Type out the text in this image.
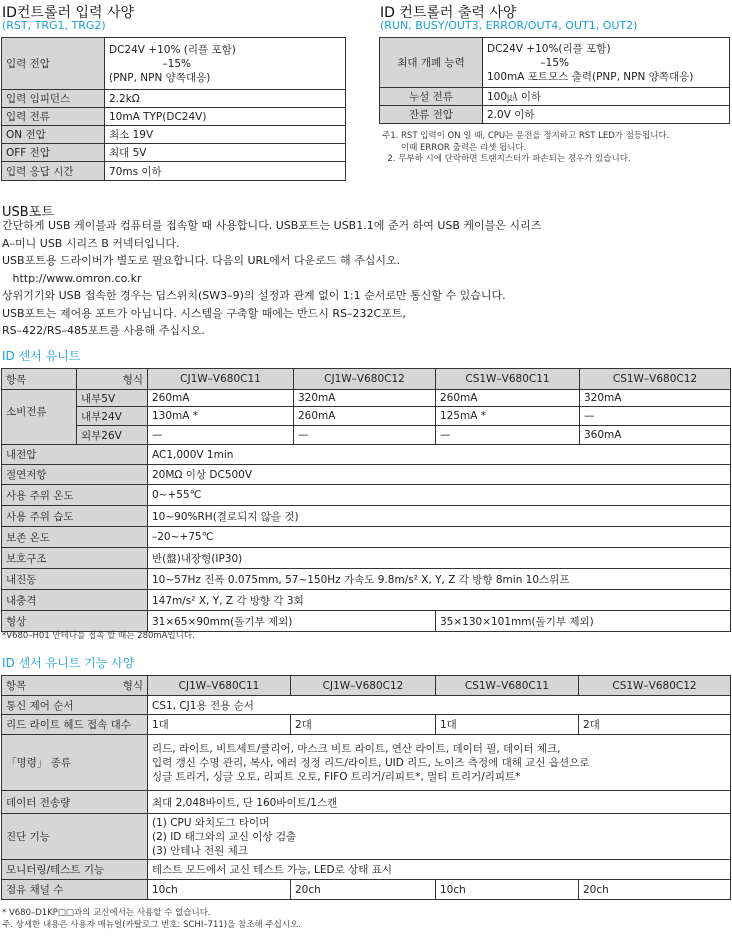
ID컨트롤러 입력 사양
(RST, TRG1, TRG2)
입력 전압	DC24V +10% (리플 포함)
–15%
(PNP, NPN 양쪽대응)

입력 임피던스	2.2kΩ
입력 전류	10mA TYP(DC24V)
ON 전압	최소 19V
OFF 전압	최대 5V
입력 응답 시간	70ms 이하
ID 컨트롤러 출력 사양
(RUN, BUSY/OUT3, ERROR/OUT4, OUT1, OUT2)
최대 개폐 능력	DC24V +10%(리플 포함)
–15%
100mA 포트모스 출력(PNP, NPN 양쪽대응)

누설 전류	100㎂ 이하
잔류 전압	2.0V 이하
주1. RST 입력이 ON 일 때, CPU는 운전을 정지하고 RST LED가 점등됩니다.
이때 ERROR 출력은 리셋 됩니다.
2. 무부하 시에 단락하면 트랜지스터가 파손되는 경우가 있습니다.
USB포트
간단하게 USB 케이블과 컴퓨터를 접속할 때 사용합니다. USB포트는 USB1.1에 준거 하여 USB 케이블은 시리즈
A–미니 USB 시리즈 B 커넥터입니다.
USB포트용 드라이버가 별도로 필요합니다. 다음의 URL에서 다운로드 해 주십시오.
http://www.omron.co.kr
상위기기와 USB 접속한 경우는 딥스위치(SW3–9)의 설정과 관계 없이 1:1 순서로만 통신할 수 있습니다.
USB포트는 제어용 포트가 아닙니다. 시스템을 구축할 때에는 반드시 RS–232C포트,
RS–422/RS–485포트를 사용해 주십시오.
ID 센서 유니트
항목	형식	CJ1W–V680C11	CJ1W–V680C12	CS1W–V680C11	CS1W–V680C12
소비전류	내부5V	260mA	320mA	260mA	320mA
	내부24V	130mA *	260mA	125mA *	—
	외부26V	—	—	—	360mA
내전압		AC1,000V 1min			
절연저항		20MΩ 이상 DC500V			
사용 주위 온도		0~+55℃			
사용 주위 습도		10~90%RH(결로되지 않을 것)			
보존 온도		–20~+75℃			
보호구조		반(盤)내장형(IP30)			
내진동		10~57Hz 진폭 0.075mm, 57~150Hz 가속도 9.8m/s² X, Y, Z 각 방향 8min 10스위프			
내충격		147m/s² X, Y, Z 각 방향 각 3회			
형상		31×65×90mm(돌기부 제외)		35×130×101mm(돌기부 제외)	
*V680–H01 안테나를 접속 할 때는 280mA입니다.
ID 센서 유니트 기능 사양
항목 형식	CJ1W–V680C11	CJ1W–V680C12	CS1W–V680C11	CS1W–V680C12
통신 제어 순서	CS1, CJ1용 전용 순서			
리드 라이트 헤드 접속 대수	1대	2대	1대	2대
「명령」 종류	리드, 라이트, 비트세트/클리어, 마스크 비트 라이트, 연산 라이트, 데이터 필, 데이터 체크,
입력 갱신 수명 관리, 복사, 에러 정정 리드/라이트, UID 리드, 노이즈 측정에 대해 교신 옵션으로
싱글 트리거, 싱글 오토, 리피트 오토, FIFO 트리거/리피트*, 멀티 트리거/리피트*			

데이터 전송량	최대 2,048바이트, 단 160바이트/1스캔			
진단 기능	(1) CPU 와치도그 타이머
(2) ID 태그와의 교신 이상 검출
(3) 안테나 전원 체크			

모니터링/테스트 기능	테스트 모드에서 교신 테스트 가능, LED로 상태 표시			
점유 채널 수	10ch	20ch	10ch	20ch
* V680–D1KP□□과의 교신에서는 사용할 수 없습니다.
주. 상세한 내용은 사용자 매뉴얼(카탈로그 번호: SCHI–711)을 참조해 주십시오.
